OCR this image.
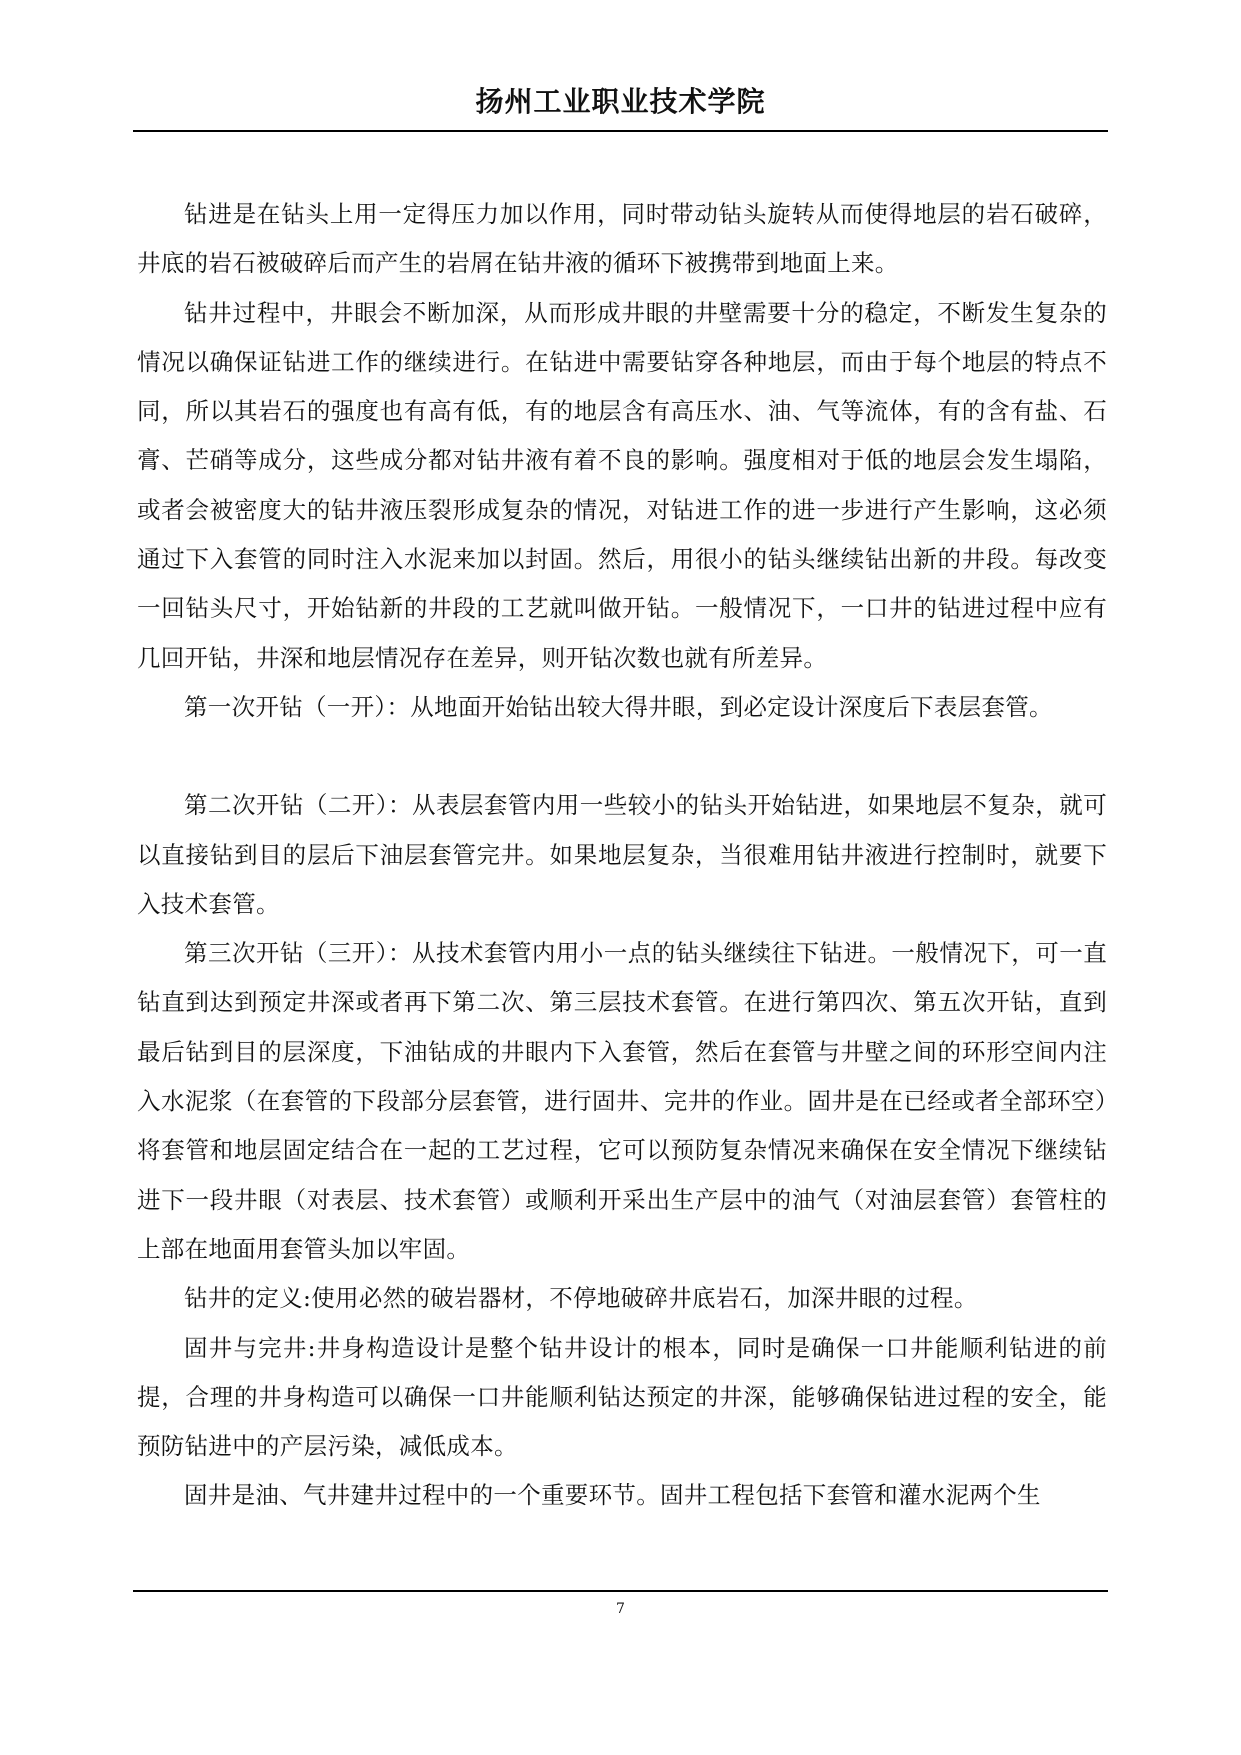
扬州工业职业技术学院

钻进是在钻头上用一定得压力加以作用，同时带动钻头旋转从而使得地层的岩石破碎，井底的岩石被破碎后而产生的岩屑在钻井液的循环下被携带到地面上来。

钻井过程中，井眼会不断加深，从而形成井眼的井壁需要十分的稳定，不断发生复杂的情况以确保证钻进工作的继续进行。在钻进中需要钻穿各种地层，而由于每个地层的特点不同，所以其岩石的强度也有高有低，有的地层含有高压水、油、气等流体，有的含有盐、石膏、芒硝等成分，这些成分都对钻井液有着不良的影响。强度相对于低的地层会发生塌陷，或者会被密度大的钻井液压裂形成复杂的情况，对钻进工作的进一步进行产生影响，这必须通过下入套管的同时注入水泥来加以封固。然后，用很小的钻头继续钻出新的井段。每改变一回钻头尺寸，开始钻新的井段的工艺就叫做开钻。一般情况下，一口井的钻进过程中应有几回开钻，井深和地层情况存在差异，则开钻次数也就有所差异。

第一次开钻（一开）：从地面开始钻出较大得井眼，到必定设计深度后下表层套管。

第二次开钻（二开）：从表层套管内用一些较小的钻头开始钻进，如果地层不复杂，就可以直接钻到目的层后下油层套管完井。如果地层复杂，当很难用钻井液进行控制时，就要下入技术套管。

第三次开钻（三开）：从技术套管内用小一点的钻头继续往下钻进。一般情况下，可一直钻直到达到预定井深或者再下第二次、第三层技术套管。在进行第四次、第五次开钻，直到最后钻到目的层深度，下油钻成的井眼内下入套管，然后在套管与井壁之间的环形空间内注入水泥浆（在套管的下段部分层套管，进行固井、完井的作业。固井是在已经或者全部环空）将套管和地层固定结合在一起的工艺过程，它可以预防复杂情况来确保在安全情况下继续钻进下一段井眼（对表层、技术套管）或顺利开采出生产层中的油气（对油层套管）套管柱的上部在地面用套管头加以牢固。

钻井的定义:使用必然的破岩器材，不停地破碎井底岩石，加深井眼的过程。

固井与完井:井身构造设计是整个钻井设计的根本，同时是确保一口井能顺利钻进的前提，合理的井身构造可以确保一口井能顺利钻达预定的井深，能够确保钻进过程的安全，能预防钻进中的产层污染，减低成本。

固井是油、气井建井过程中的一个重要环节。固井工程包括下套管和灌水泥两个生

7
